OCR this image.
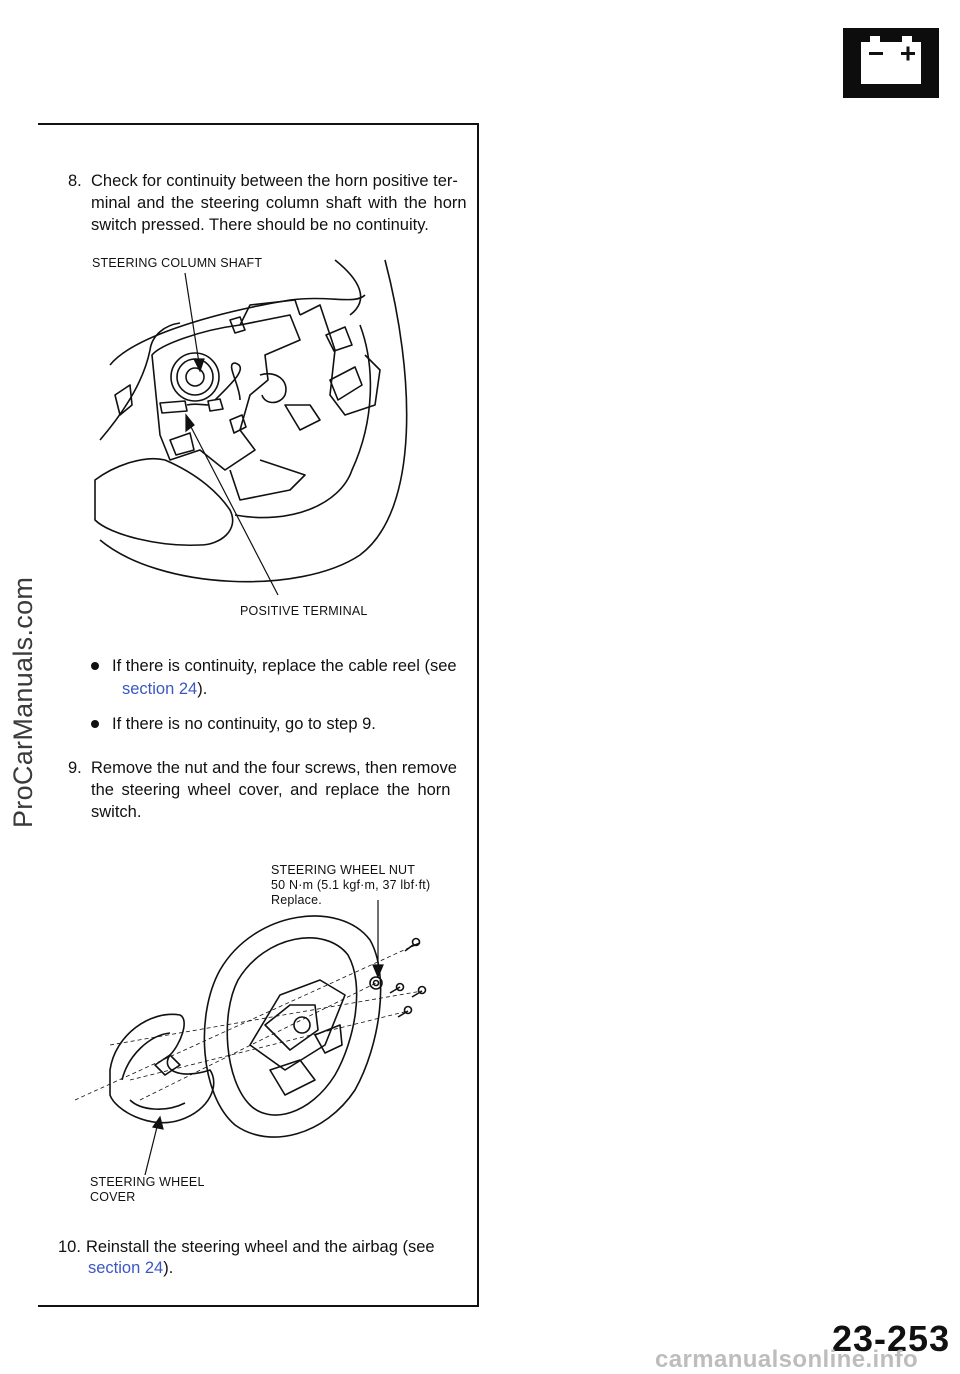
ProCarManuals.com
8. Check for continuity between the horn positive ter-
minal and the steering column shaft with the horn
switch pressed. There should be no continuity.
STEERING COLUMN SHAFT
POSITIVE TERMINAL
If there is continuity, replace the cable reel (see
section 24).
If there is no continuity, go to step 9.
9. Remove the nut and the four screws, then remove
the steering wheel cover, and replace the horn
switch.
STEERING WHEEL NUT
50 N·m (5.1 kgf·m, 37 lbf·ft)
Replace.
STEERING WHEEL
COVER
10. Reinstall the steering wheel and the airbag (see
section 24).
23-253
carmanualsonline.info
